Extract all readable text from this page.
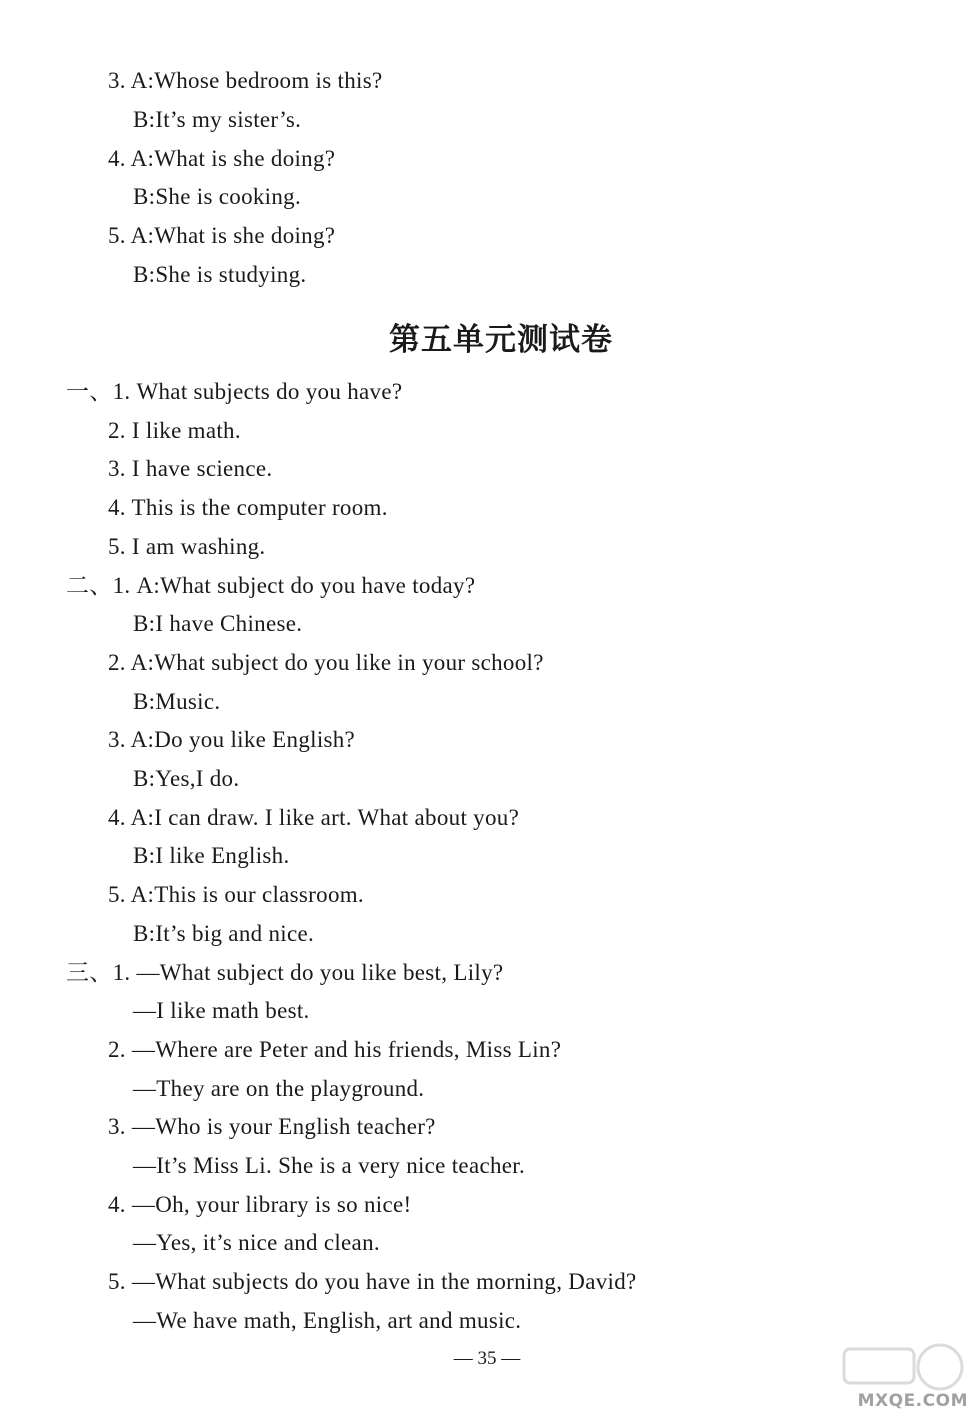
第五单元测试卷
— 35 —
MXQE.COM
3. A:Whose bedroom is this?
B:It’s my sister’s.
4. A:What is she doing?
B:She is cooking.
5. A:What is she doing?
B:She is studying.
一、1. What subjects do you have?
2. I like math.
3. I have science.
4. This is the computer room.
5. I am washing.
二、1. A:What subject do you have today?
B:I have Chinese.
2. A:What subject do you like in your school?
B:Music.
3. A:Do you like English?
B:Yes,I do.
4. A:I can draw. I like art. What about you?
B:I like English.
5. A:This is our classroom.
B:It’s big and nice.
三、1. —What subject do you like best, Lily?
—I like math best.
2. —Where are Peter and his friends, Miss Lin?
—They are on the playground.
3. —Who is your English teacher?
—It’s Miss Li. She is a very nice teacher.
4. —Oh, your library is so nice!
—Yes, it’s nice and clean.
5. —What subjects do you have in the morning, David?
—We have math, English, art and music.
